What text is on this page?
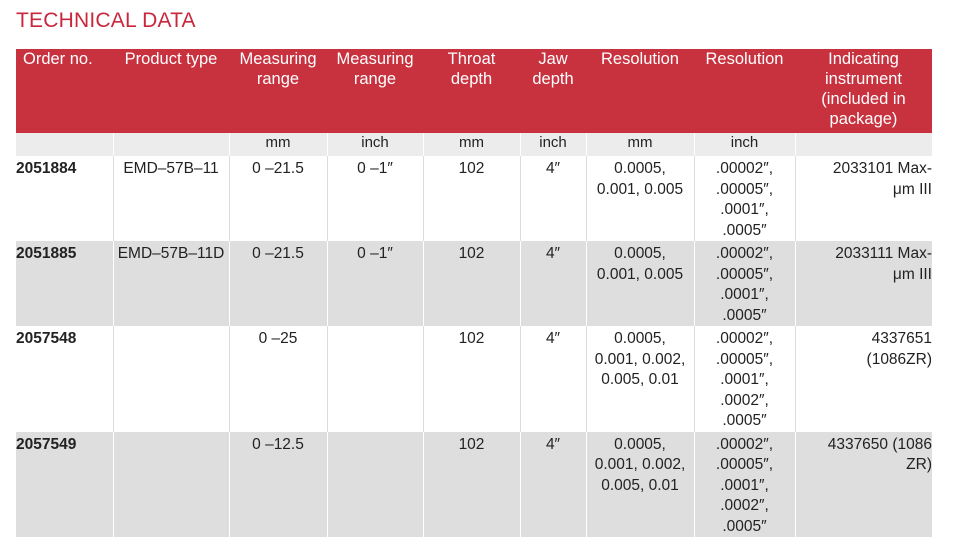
TECHNICAL DATA
Order no.	Product type	Measuring
range	Measuring
range	Throat
depth	Jaw
depth	Resolution	Resolution	Indicating
instrument
(included in
package)
		mm	inch	mm	inch	mm	inch	
2051884	EMD–57B–11	0 –21.5	0 –1″	102	4″	0.0005,
0.001, 0.005	.00002″,
.00005″,
.0001″,
.0005″	2033101 Max-
μm III
2051885	EMD–57B–11D	0 –21.5	0 –1″	102	4″	0.0005,
0.001, 0.005	.00002″,
.00005″,
.0001″,
.0005″	2033111 Max-
μm III
2057548		0 –25		102	4″	0.0005,
0.001, 0.002,
0.005, 0.01	.00002″,
.00005″,
.0001″,
.0002″,
.0005″	4337651
(1086ZR)
2057549		0 –12.5		102	4″	0.0005,
0.001, 0.002,
0.005, 0.01	.00002″,
.00005″,
.0001″,
.0002″,
.0005″	4337650 (1086
ZR)
